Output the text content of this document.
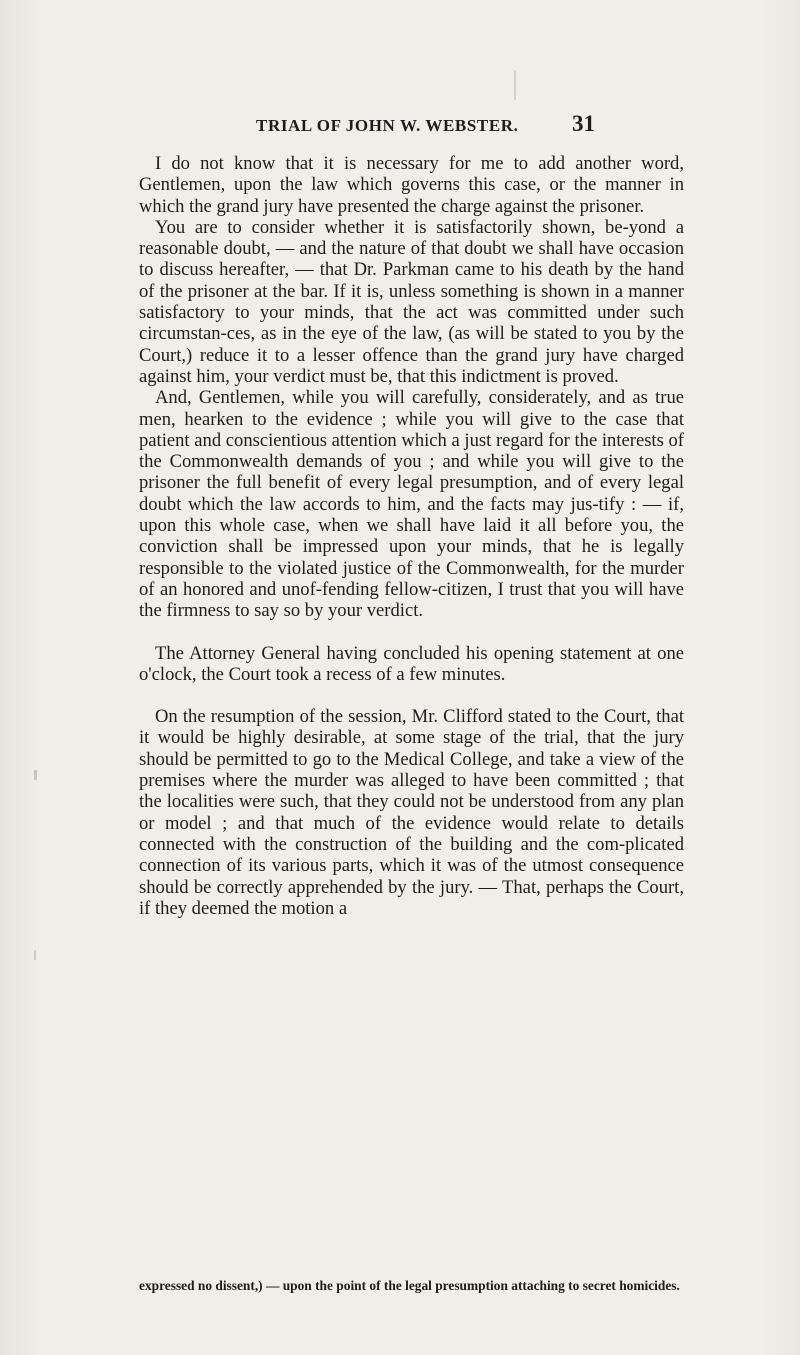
TRIAL OF JOHN W. WEBSTER.	31

I do not know that it is necessary for me to add another word, Gentlemen, upon the law which governs this case, or the manner in which the grand jury have presented the charge against the prisoner.

You are to consider whether it is satisfactorily shown, be-yond a reasonable doubt, — and the nature of that doubt we shall have occasion to discuss hereafter, — that Dr. Parkman came to his death by the hand of the prisoner at the bar. If it is, unless something is shown in a manner satisfactory to your minds, that the act was committed under such circumstan-ces, as in the eye of the law, (as will be stated to you by the Court,) reduce it to a lesser offence than the grand jury have charged against him, your verdict must be, that this indictment is proved.

And, Gentlemen, while you will carefully, considerately, and as true men, hearken to the evidence ; while you will give to the case that patient and conscientious attention which a just regard for the interests of the Commonwealth demands of you ; and while you will give to the prisoner the full benefit of every legal presumption, and of every legal doubt which the law accords to him, and the facts may jus-tify : — if, upon this whole case, when we shall have laid it all before you, the conviction shall be impressed upon your minds, that he is legally responsible to the violated justice of the Commonwealth, for the murder of an honored and unof-fending fellow-citizen, I trust that you will have the firmness to say so by your verdict.

The Attorney General having concluded his opening statement at one o'clock, the Court took a recess of a few minutes.

On the resumption of the session, Mr. Clifford stated to the Court, that it would be highly desirable, at some stage of the trial, that the jury should be permitted to go to the Medical College, and take a view of the premises where the murder was alleged to have been committed ; that the localities were such, that they could not be understood from any plan or model ; and that much of the evidence would relate to details connected with the construction of the building and the com-plicated connection of its various parts, which it was of the utmost consequence should be correctly apprehended by the jury. — That, perhaps the Court, if they deemed the motion a

expressed no dissent,) — upon the point of the legal presumption attaching to secret homicides.
